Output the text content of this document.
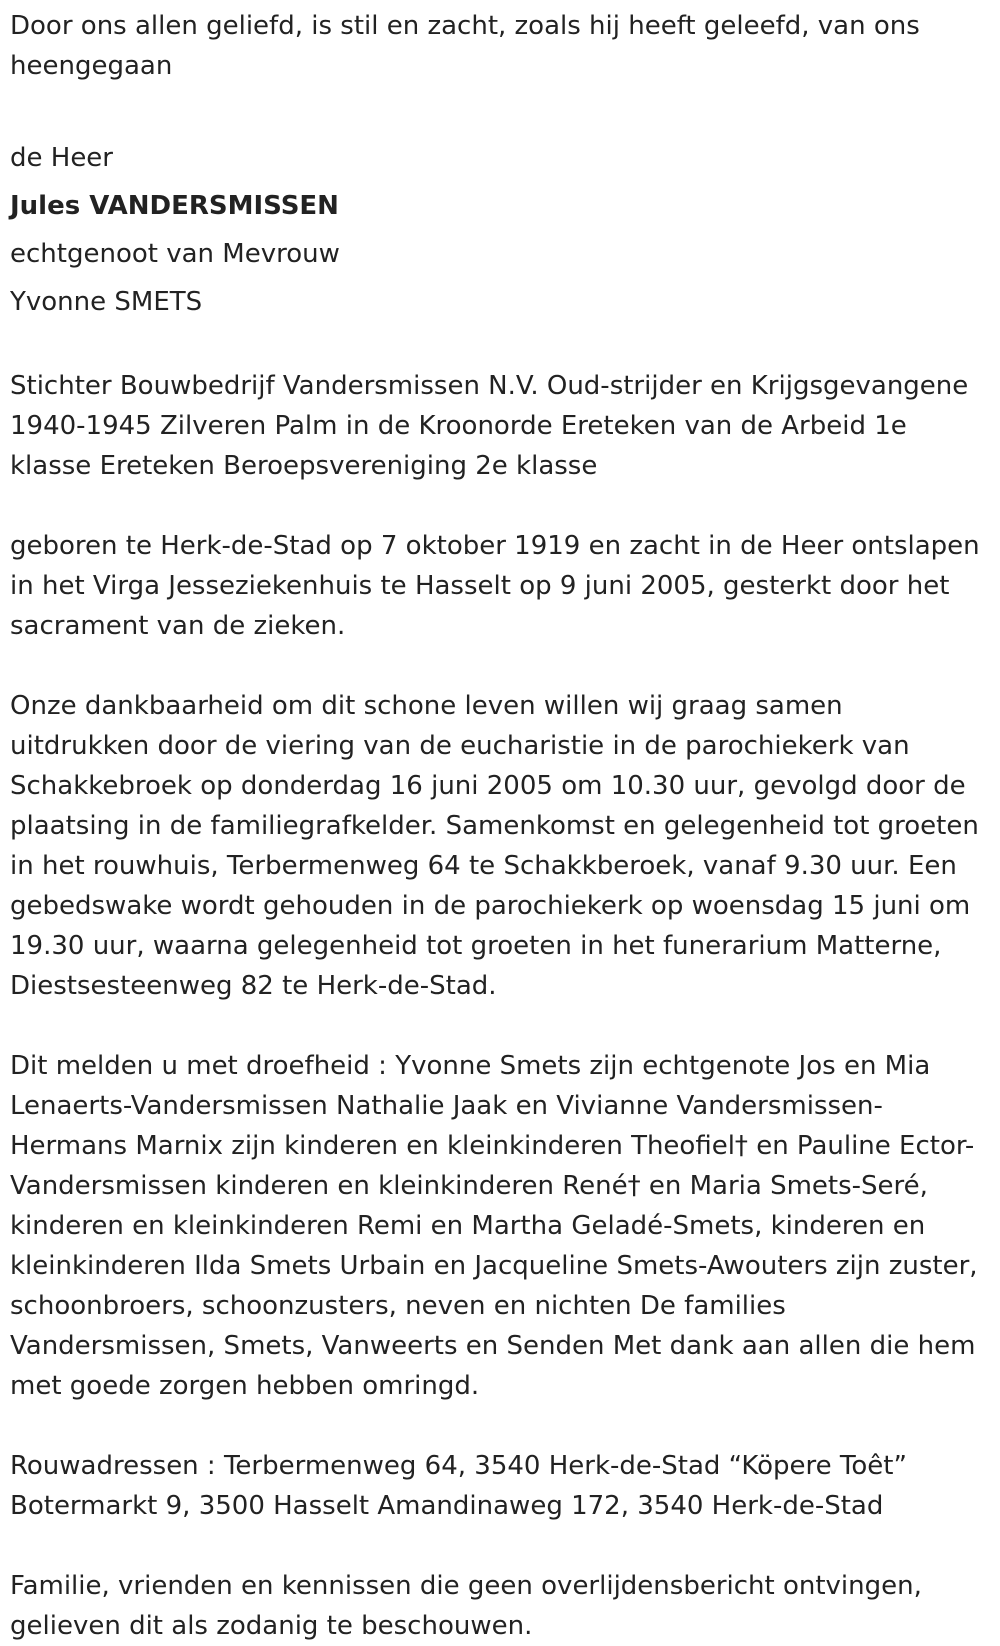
Door ons allen geliefd, is stil en zacht, zoals hij heeft geleefd, van ons heengegaan

de Heer

Jules VANDERSMISSEN

echtgenoot van Mevrouw

Yvonne SMETS

Stichter Bouwbedrijf Vandersmissen N.V. Oud-strijder en Krijgsgevangene 1940-1945 Zilveren Palm in de Kroonorde Ereteken van de Arbeid 1e klasse Ereteken Beroepsvereniging 2e klasse

geboren te Herk-de-Stad op 7 oktober 1919 en zacht in de Heer ontslapen in het Virga Jesseziekenhuis te Hasselt op 9 juni 2005, gesterkt door het sacrament van de zieken.

Onze dankbaarheid om dit schone leven willen wij graag samen uitdrukken door de viering van de eucharistie in de parochiekerk van Schakkebroek op donderdag 16 juni 2005 om 10.30 uur, gevolgd door de plaatsing in de familiegrafkelder. Samenkomst en gelegenheid tot groeten in het rouwhuis, Terbermenweg 64 te Schakkberoek, vanaf 9.30 uur. Een gebedswake wordt gehouden in de parochiekerk op woensdag 15 juni om 19.30 uur, waarna gelegenheid tot groeten in het funerarium Matterne, Diestsesteenweg 82 te Herk-de-Stad.

Dit melden u met droefheid : Yvonne Smets zijn echtgenote Jos en Mia Lenaerts-Vandersmissen Nathalie Jaak en Vivianne Vandersmissen-Hermans Marnix zijn kinderen en kleinkinderen Theofiel† en Pauline Ector-Vandersmissen kinderen en kleinkinderen René† en Maria Smets-Seré, kinderen en kleinkinderen Remi en Martha Geladé-Smets, kinderen en kleinkinderen Ilda Smets Urbain en Jacqueline Smets-Awouters zijn zuster, schoonbroers, schoonzusters, neven en nichten De families Vandersmissen, Smets, Vanweerts en Senden Met dank aan allen die hem met goede zorgen hebben omringd.

Rouwadressen : Terbermenweg 64, 3540 Herk-de-Stad “Köpere Toêt” Botermarkt 9, 3500 Hasselt Amandinaweg 172, 3540 Herk-de-Stad

Familie, vrienden en kennissen die geen overlijdensbericht ontvingen, gelieven dit als zodanig te beschouwen.
